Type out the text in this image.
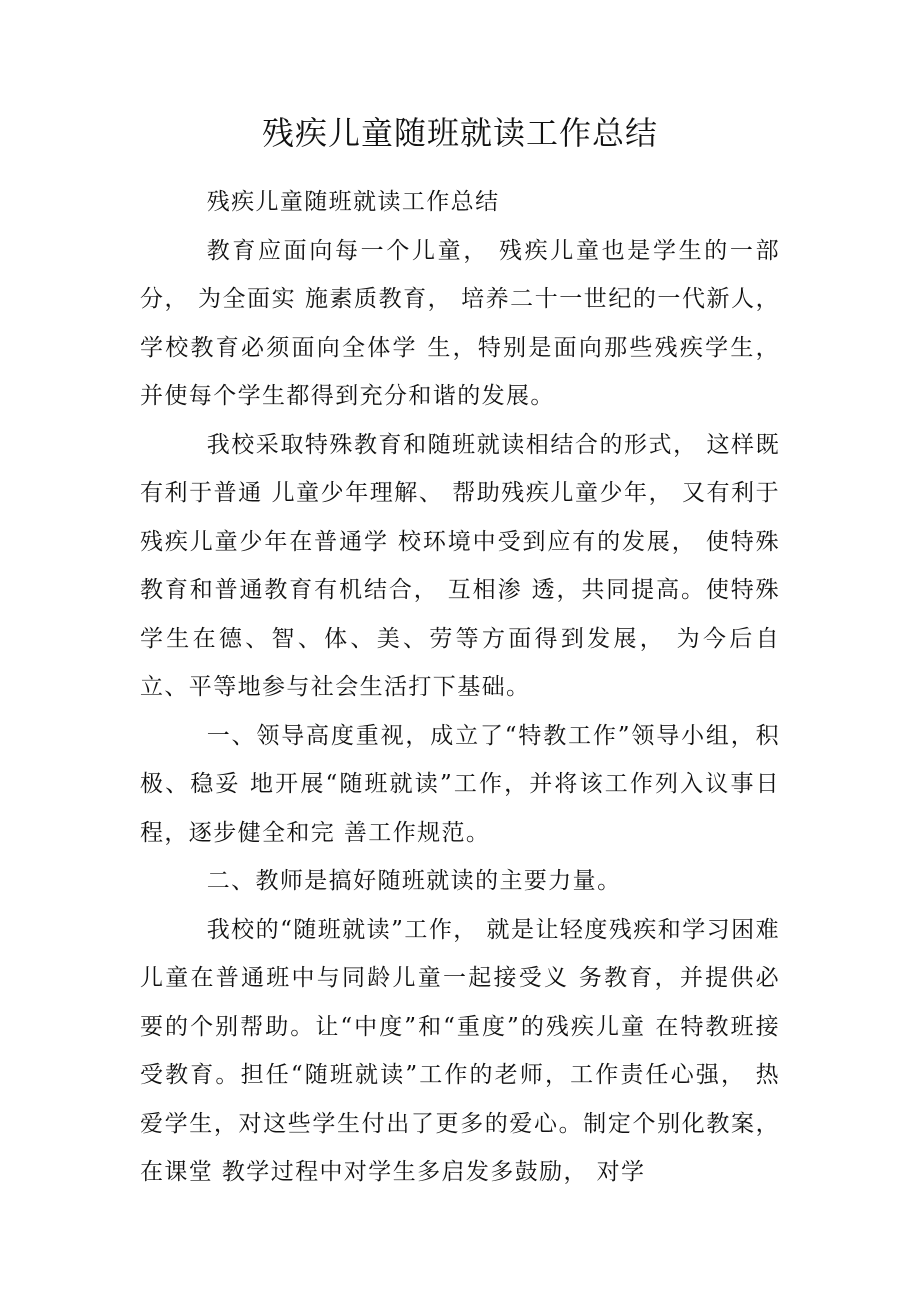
残疾儿童随班就读工作总结

残疾儿童随班就读工作总结

教育应面向每一个儿童， 残疾儿童也是学生的一部分， 为全面实 施素质教育， 培养二十一世纪的一代新人，学校教育必须面向全体学 生，特别是面向那些残疾学生，并使每个学生都得到充分和谐的发展。

我校采取特殊教育和随班就读相结合的形式， 这样既有利于普通 儿童少年理解、 帮助残疾儿童少年， 又有利于残疾儿童少年在普通学 校环境中受到应有的发展， 使特殊教育和普通教育有机结合， 互相渗 透，共同提高。使特殊学生在德、智、体、美、劳等方面得到发展， 为今后自立、平等地参与社会生活打下基础。

一、领导高度重视，成立了“特教工作”领导小组，积极、稳妥 地开展“随班就读”工作，并将该工作列入议事日程，逐步健全和完 善工作规范。

二、教师是搞好随班就读的主要力量。

我校的“随班就读”工作， 就是让轻度残疾和学习困难儿童在普通班中与同龄儿童一起接受义 务教育，并提供必要的个别帮助。让“中度”和“重度”的残疾儿童 在特教班接受教育。担任“随班就读”工作的老师，工作责任心强， 热爱学生，对这些学生付出了更多的爱心。制定个别化教案，在课堂 教学过程中对学生多启发多鼓励， 对学
